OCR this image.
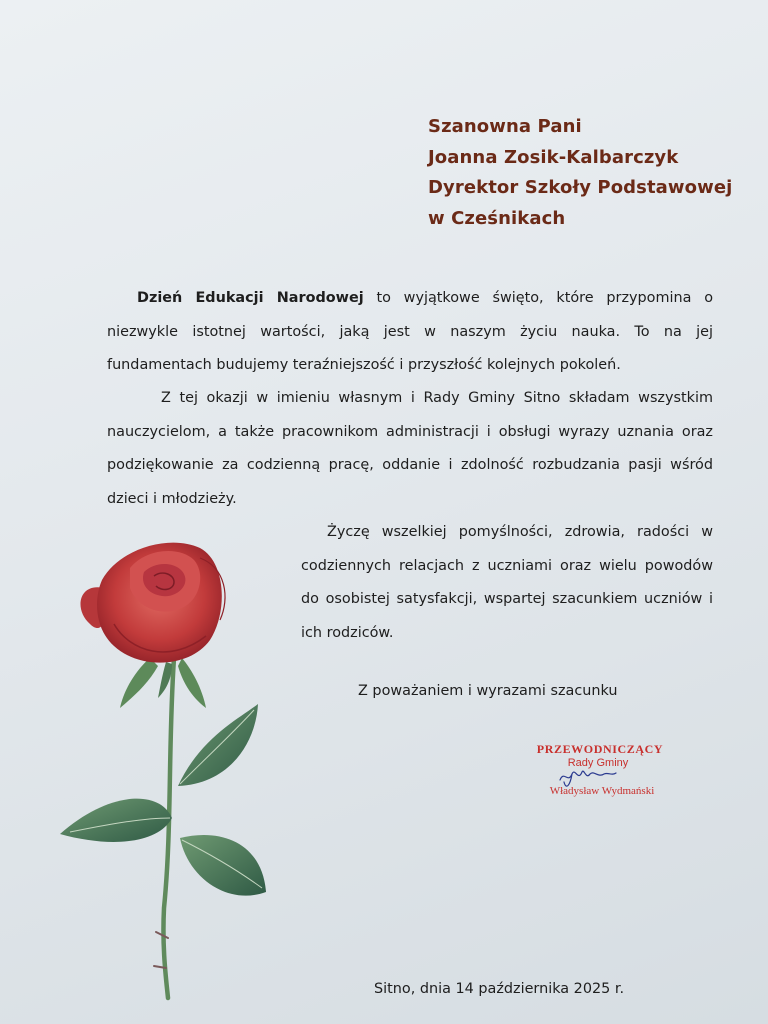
Szanowna Pani
Joanna Zosik-Kalbarczyk
Dyrektor Szkoły Podstawowej
w Cześnikach

Dzień Edukacji Narodowej to wyjątkowe święto, które przypomina o niezwykle istotnej wartości, jaką jest w naszym życiu nauka. To na jej fundamentach budujemy teraźniejszość i przyszłość kolejnych pokoleń.

Z tej okazji w imieniu własnym i Rady Gminy Sitno składam wszystkim nauczycielom, a także pracownikom administracji i obsługi wyrazy uznania oraz podziękowanie za codzienną pracę, oddanie i zdolność rozbudzania pasji wśród dzieci i młodzieży.

Życzę wszelkiej pomyślności, zdrowia, radości w codziennych relacjach z uczniami oraz wielu powodów do osobistej satysfakcji, wspartej szacunkiem uczniów i ich rodziców.

Z poważaniem i wyrazami szacunku
PRZEWODNICZĄCY
Rady Gminy
Władysław Wydmański
Sitno, dnia 14 października 2025 r.
